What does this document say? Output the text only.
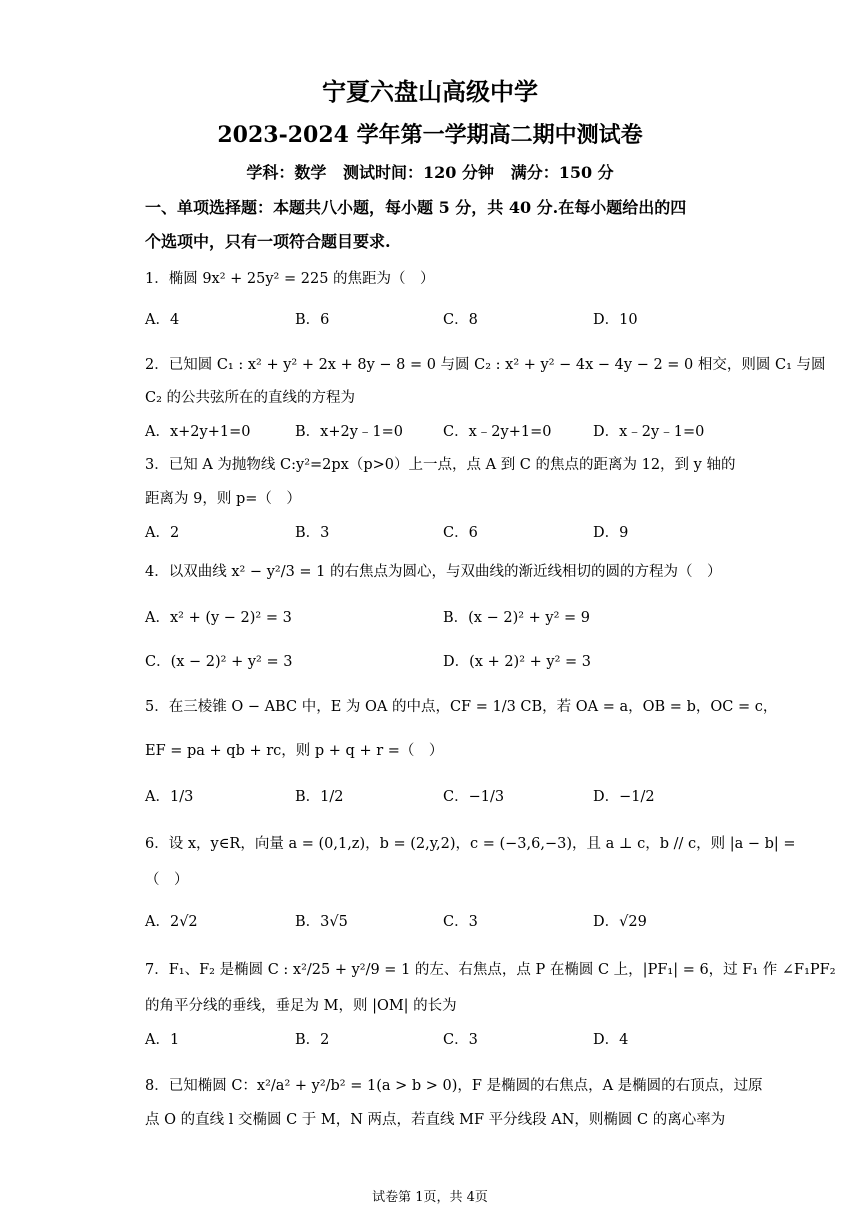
宁夏六盘山高级中学
2023-2024 学年第一学期高二期中测试卷
学科：数学   测试时间：120 分钟   满分：150 分
一、单项选择题：本题共八小题，每小题 5 分，共 40 分.在每小题给出的四
个选项中，只有一项符合题目要求.
1．椭圆 9x² + 25y² = 225 的焦距为（　）
A．4	B．6	C．8	D．10
2．已知圆 C₁ : x² + y² + 2x + 8y − 8 = 0 与圆 C₂ : x² + y² − 4x − 4y − 2 = 0 相交，则圆 C₁ 与圆
C₂ 的公共弦所在的直线的方程为
A．x+2y+1=0	B．x+2y﹣1=0	C．x﹣2y+1=0	D．x﹣2y﹣1=0
3．已知 A 为抛物线 C:y²=2px（p>0）上一点，点 A 到 C 的焦点的距离为 12，到 y 轴的
距离为 9，则 p=（　）
A．2	B．3	C．6	D．9
4．以双曲线 x² − y²/3 = 1 的右焦点为圆心，与双曲线的渐近线相切的圆的方程为（　）
A．x² + (y − 2)² = 3	B．(x − 2)² + y² = 9
C．(x − 2)² + y² = 3	D．(x + 2)² + y² = 3
5．在三棱锥 O − ABC 中，E 为 OA 的中点，CF = 1/3 CB，若 OA = a，OB = b，OC = c，
EF = pa + qb + rc，则 p + q + r =（　）
A．1/3	B．1/2	C．−1/3	D．−1/2
6．设 x，y∈R，向量 a = (0,1,z)，b = (2,y,2)，c = (−3,6,−3)，且 a ⊥ c，b // c，则 |a − b| =
（　）
A．2√2	B．3√5	C．3	D．√29
7．F₁、F₂ 是椭圆 C : x²/25 + y²/9 = 1 的左、右焦点，点 P 在椭圆 C 上，|PF₁| = 6，过 F₁ 作 ∠F₁PF₂
的角平分线的垂线，垂足为 M，则 |OM| 的长为
A．1	B．2	C．3	D．4
8．已知椭圆 C：x²/a² + y²/b² = 1(a > b > 0)，F 是椭圆的右焦点，A 是椭圆的右顶点，过原
点 O 的直线 l 交椭圆 C 于 M，N 两点，若直线 MF 平分线段 AN，则椭圆 C 的离心率为
试卷第 1页，共 4页
